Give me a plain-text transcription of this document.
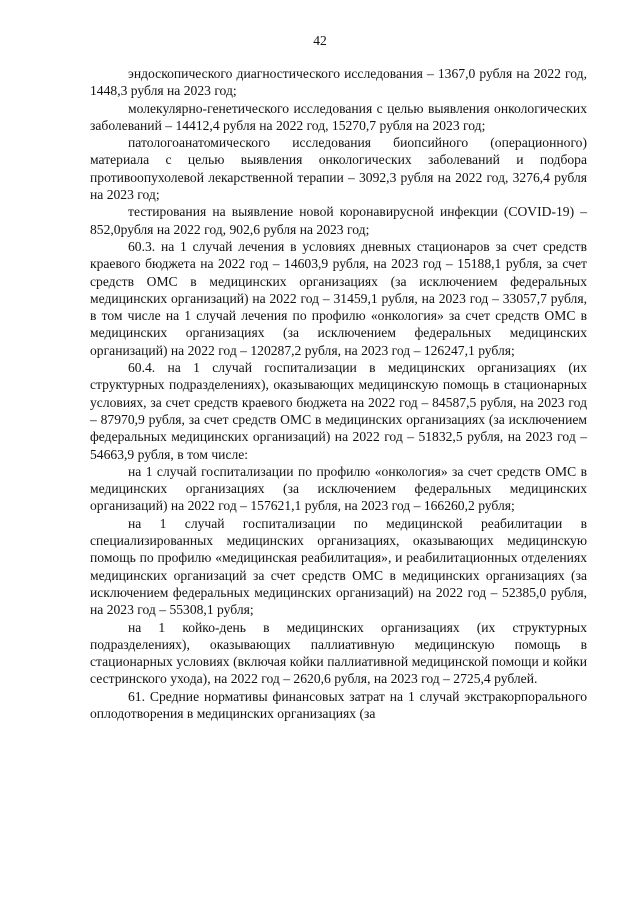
42

эндоскопического диагностического исследования – 1367,0 рубля на 2022 год, 1448,3 рубля на 2023 год;

молекулярно-генетического исследования с целью выявления онкологических заболеваний – 14412,4 рубля на 2022 год, 15270,7 рубля на 2023 год;

патологоанатомического исследования биопсийного (операционного) материала с целью выявления онкологических заболеваний и подбора противоопухолевой лекарственной терапии – 3092,3 рубля на 2022 год, 3276,4 рубля на 2023 год;

тестирования на выявление новой коронавирусной инфекции (COVID-19) – 852,0рубля на 2022 год, 902,6 рубля на 2023 год;

60.3. на 1 случай лечения в условиях дневных стационаров за счет средств краевого бюджета на 2022 год – 14603,9 рубля, на 2023 год – 15188,1 рубля, за счет средств ОМС в медицинских организациях (за исключением федеральных медицинских организаций) на 2022 год – 31459,1 рубля, на 2023 год – 33057,7 рубля, в том числе на 1 случай лечения по профилю «онкология» за счет средств ОМС в медицинских организациях (за исключением федеральных медицинских организаций) на 2022 год – 120287,2 рубля, на 2023 год – 126247,1 рубля;

60.4. на 1 случай госпитализации в медицинских организациях (их структурных подразделениях), оказывающих медицинскую помощь в стационарных условиях, за счет средств краевого бюджета на 2022 год – 84587,5 рубля, на 2023 год – 87970,9 рубля, за счет средств ОМС в медицинских организациях (за исключением федеральных медицинских организаций) на 2022 год – 51832,5 рубля, на 2023 год – 54663,9 рубля, в том числе:

на 1 случай госпитализации по профилю «онкология» за счет средств ОМС в медицинских организациях (за исключением федеральных медицинских организаций) на 2022 год – 157621,1 рубля, на 2023 год – 166260,2 рубля;

на 1 случай госпитализации по медицинской реабилитации в специализированных медицинских организациях, оказывающих медицинскую помощь по профилю «медицинская реабилитация», и реабилитационных отделениях медицинских организаций за счет средств ОМС в медицинских организациях (за исключением федеральных медицинских организаций) на 2022 год – 52385,0 рубля, на 2023 год – 55308,1 рубля;

на 1 койко-день в медицинских организациях (их структурных подразделениях), оказывающих паллиативную медицинскую помощь в стационарных условиях (включая койки паллиативной медицинской помощи и койки сестринского ухода), на 2022 год – 2620,6 рубля, на 2023 год – 2725,4 рублей.

61. Средние нормативы финансовых затрат на 1 случай экстракорпорального оплодотворения в медицинских организациях (за
